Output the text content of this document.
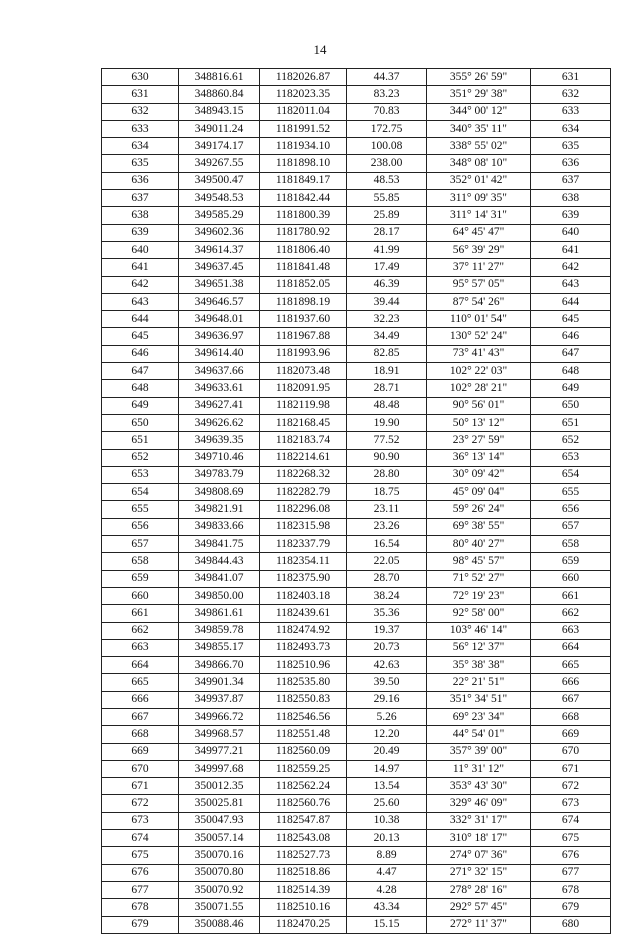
14
630	348816.61	1182026.87	44.37	355° 26' 59"	631
631	348860.84	1182023.35	83.23	351° 29' 38"	632
632	348943.15	1182011.04	70.83	344° 00' 12"	633
633	349011.24	1181991.52	172.75	340° 35' 11"	634
634	349174.17	1181934.10	100.08	338° 55' 02"	635
635	349267.55	1181898.10	238.00	348° 08' 10"	636
636	349500.47	1181849.17	48.53	352° 01' 42"	637
637	349548.53	1181842.44	55.85	311° 09' 35"	638
638	349585.29	1181800.39	25.89	311° 14' 31"	639
639	349602.36	1181780.92	28.17	64° 45' 47"	640
640	349614.37	1181806.40	41.99	56° 39' 29"	641
641	349637.45	1181841.48	17.49	37° 11' 27"	642
642	349651.38	1181852.05	46.39	95° 57' 05"	643
643	349646.57	1181898.19	39.44	87° 54' 26"	644
644	349648.01	1181937.60	32.23	110° 01' 54"	645
645	349636.97	1181967.88	34.49	130° 52' 24"	646
646	349614.40	1181993.96	82.85	73° 41' 43"	647
647	349637.66	1182073.48	18.91	102° 22' 03"	648
648	349633.61	1182091.95	28.71	102° 28' 21"	649
649	349627.41	1182119.98	48.48	90° 56' 01"	650
650	349626.62	1182168.45	19.90	50° 13' 12"	651
651	349639.35	1182183.74	77.52	23° 27' 59"	652
652	349710.46	1182214.61	90.90	36° 13' 14"	653
653	349783.79	1182268.32	28.80	30° 09' 42"	654
654	349808.69	1182282.79	18.75	45° 09' 04"	655
655	349821.91	1182296.08	23.11	59° 26' 24"	656
656	349833.66	1182315.98	23.26	69° 38' 55"	657
657	349841.75	1182337.79	16.54	80° 40' 27"	658
658	349844.43	1182354.11	22.05	98° 45' 57"	659
659	349841.07	1182375.90	28.70	71° 52' 27"	660
660	349850.00	1182403.18	38.24	72° 19' 23"	661
661	349861.61	1182439.61	35.36	92° 58' 00"	662
662	349859.78	1182474.92	19.37	103° 46' 14"	663
663	349855.17	1182493.73	20.73	56° 12' 37"	664
664	349866.70	1182510.96	42.63	35° 38' 38"	665
665	349901.34	1182535.80	39.50	22° 21' 51"	666
666	349937.87	1182550.83	29.16	351° 34' 51"	667
667	349966.72	1182546.56	5.26	69° 23' 34"	668
668	349968.57	1182551.48	12.20	44° 54' 01"	669
669	349977.21	1182560.09	20.49	357° 39' 00"	670
670	349997.68	1182559.25	14.97	11° 31' 12"	671
671	350012.35	1182562.24	13.54	353° 43' 30"	672
672	350025.81	1182560.76	25.60	329° 46' 09"	673
673	350047.93	1182547.87	10.38	332° 31' 17"	674
674	350057.14	1182543.08	20.13	310° 18' 17"	675
675	350070.16	1182527.73	8.89	274° 07' 36"	676
676	350070.80	1182518.86	4.47	271° 32' 15"	677
677	350070.92	1182514.39	4.28	278° 28' 16"	678
678	350071.55	1182510.16	43.34	292° 57' 45"	679
679	350088.46	1182470.25	15.15	272° 11' 37"	680
